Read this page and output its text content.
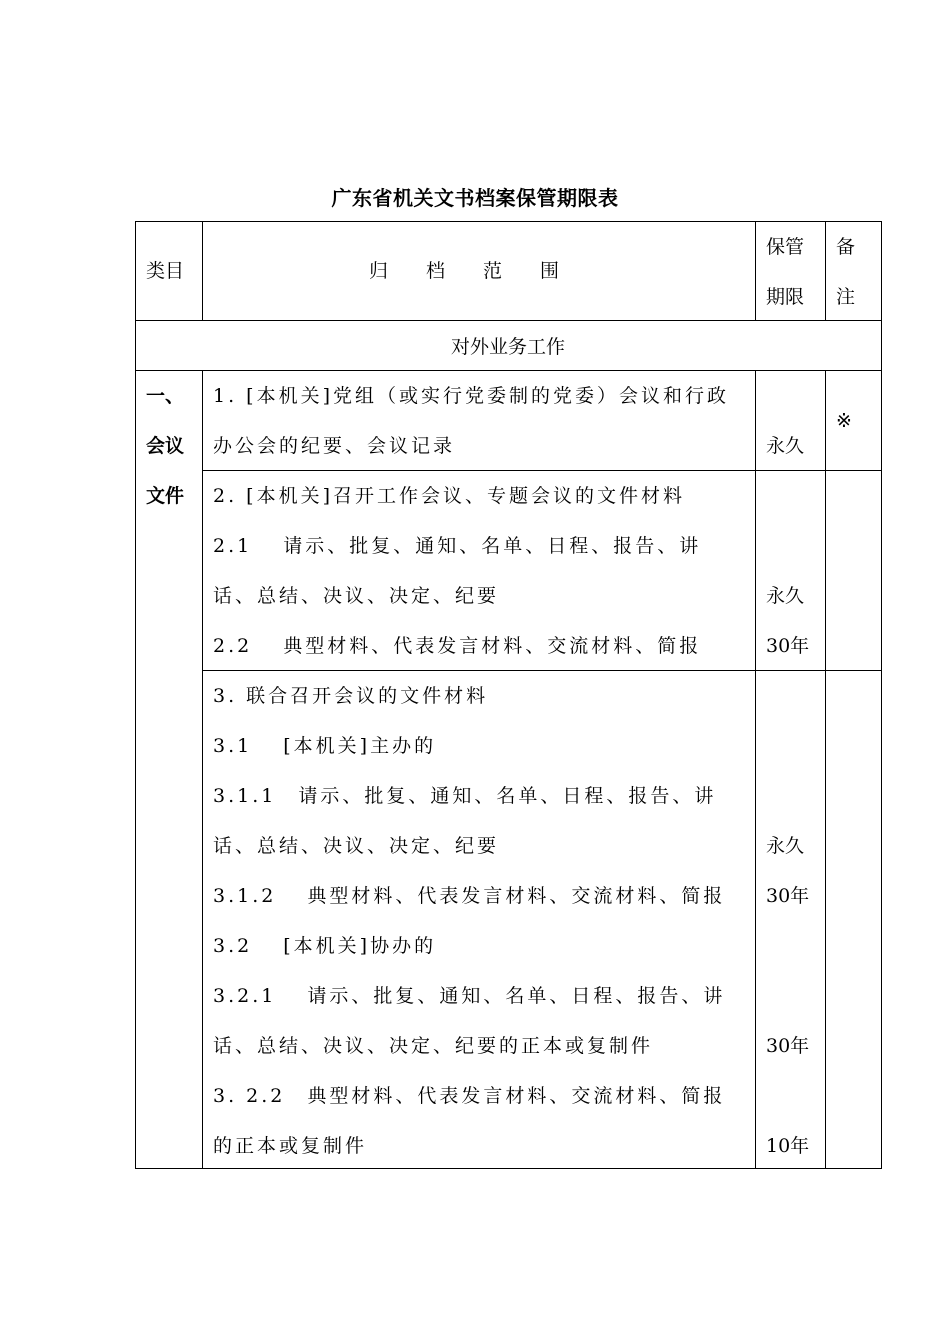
广东省机关文书档案保管期限表
类目	归　　档　　范　　围
保管
期限
备
注
对外业务工作
一、
会议
文件
1. [本机关]党组（或实行党委制的党委）会议和行政
办公会的纪要、会议记录	永久
※
2. [本机关]召开工作会议、专题会议的文件材料
2.1　 请示、批复、通知、名单、日程、报告、讲
话、总结、决议、决定、纪要
2.2　 典型材料、代表发言材料、交流材料、简报
永久
30年
3. 联合召开会议的文件材料
3.1　 [本机关]主办的
3.1.1　请示、批复、通知、名单、日程、报告、讲
话、总结、决议、决定、纪要
3.1.2　 典型材料、代表发言材料、交流材料、简报
3.2　 [本机关]协办的
3.2.1　 请示、批复、通知、名单、日程、报告、讲
话、总结、决议、决定、纪要的正本或复制件
3. 2.2　典型材料、代表发言材料、交流材料、简报
的正本或复制件
永久
30年
30年
10年
